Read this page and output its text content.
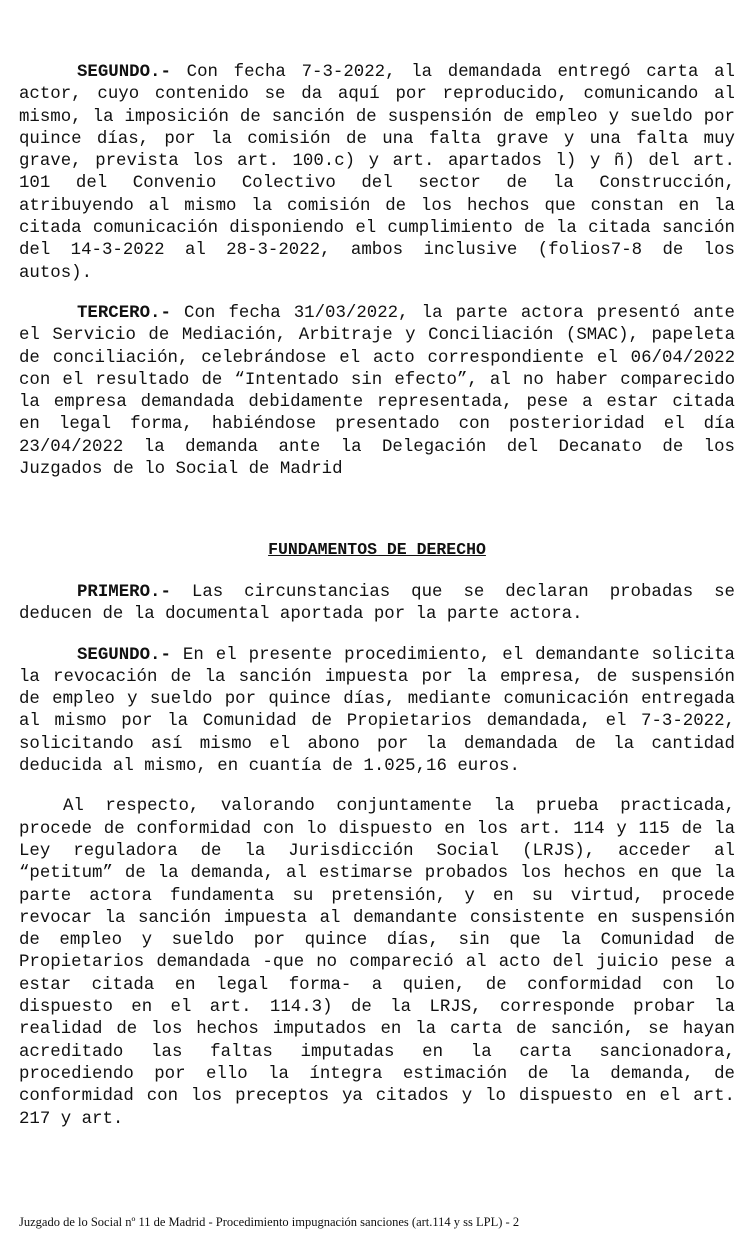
SEGUNDO.- Con fecha 7-3-2022, la demandada entregó carta al actor, cuyo contenido se da aquí por reproducido, comunicando al mismo, la imposición de sanción de suspensión de empleo y sueldo por quince días, por la comisión de una falta grave y una falta muy grave, prevista los art. 100.c) y art. apartados l) y ñ) del art. 101 del Convenio Colectivo del sector de la Construcción, atribuyendo al mismo la comisión de los hechos que constan en la citada comunicación disponiendo el cumplimiento de la citada sanción del 14-3-2022 al 28-3-2022, ambos inclusive (folios7-8 de los autos).

TERCERO.- Con fecha 31/03/2022, la parte actora presentó ante el Servicio de Mediación, Arbitraje y Conciliación (SMAC), papeleta de conciliación, celebrándose el acto correspondiente el 06/04/2022 con el resultado de “Intentado sin efecto”, al no haber comparecido la empresa demandada debidamente representada, pese a estar citada en legal forma, habiéndose presentado con posterioridad el día 23/04/2022 la demanda ante la Delegación del Decanato de los Juzgados de lo Social de Madrid

FUNDAMENTOS DE DERECHO

PRIMERO.- Las circunstancias que se declaran probadas se deducen de la documental aportada por la parte actora.

SEGUNDO.- En el presente procedimiento, el demandante solicita la revocación de la sanción impuesta por la empresa, de suspensión de empleo y sueldo por quince días, mediante comunicación entregada al mismo por la Comunidad de Propietarios demandada, el 7-3-2022, solicitando así mismo el abono por la demandada de la cantidad deducida al mismo, en cuantía de 1.025,16 euros.

Al respecto, valorando conjuntamente la prueba practicada, procede de conformidad con lo dispuesto en los art. 114 y 115 de la Ley reguladora de la Jurisdicción Social (LRJS), acceder al “petitum” de la demanda, al estimarse probados los hechos en que la parte actora fundamenta su pretensión, y en su virtud, procede revocar la sanción impuesta al demandante consistente en suspensión de empleo y sueldo por quince días, sin que la Comunidad de Propietarios demandada -que no compareció al acto del juicio pese a estar citada en legal forma- a quien, de conformidad con lo dispuesto en el art. 114.3) de la LRJS, corresponde probar la realidad de los hechos imputados en la carta de sanción, se hayan acreditado las faltas imputadas en la carta sancionadora, procediendo por ello la íntegra estimación de la demanda, de conformidad con los preceptos ya citados y lo dispuesto en el art. 217 y art.

Juzgado de lo Social nº 11 de Madrid - Procedimiento impugnación sanciones (art.114 y ss LPL) - 2
